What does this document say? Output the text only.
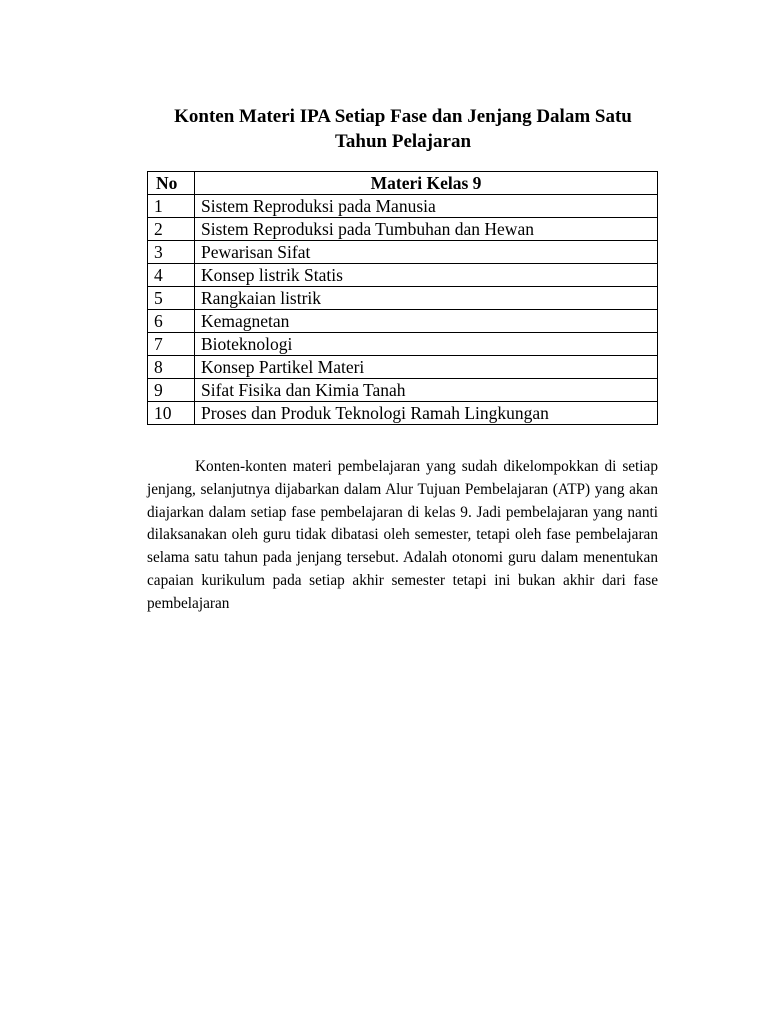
Konten Materi IPA Setiap Fase dan Jenjang Dalam Satu
Tahun Pelajaran
No	Materi Kelas 9
1	Sistem Reproduksi pada Manusia
2	Sistem Reproduksi pada Tumbuhan dan Hewan
3	Pewarisan Sifat
4	Konsep listrik Statis
5	Rangkaian listrik
6	Kemagnetan
7	Bioteknologi
8	Konsep Partikel Materi
9	Sifat Fisika dan Kimia Tanah
10	Proses dan Produk Teknologi Ramah Lingkungan

Konten-konten materi pembelajaran yang sudah dikelompokkan di setiap jenjang, selanjutnya dijabarkan dalam Alur Tujuan Pembelajaran (ATP) yang akan diajarkan dalam setiap fase pembelajaran di kelas 9. Jadi pembelajaran yang nanti dilaksanakan oleh guru tidak dibatasi oleh semester, tetapi oleh fase pembelajaran selama satu tahun pada jenjang tersebut. Adalah otonomi guru dalam menentukan capaian kurikulum pada setiap akhir semester tetapi ini bukan akhir dari fase pembelajaran
